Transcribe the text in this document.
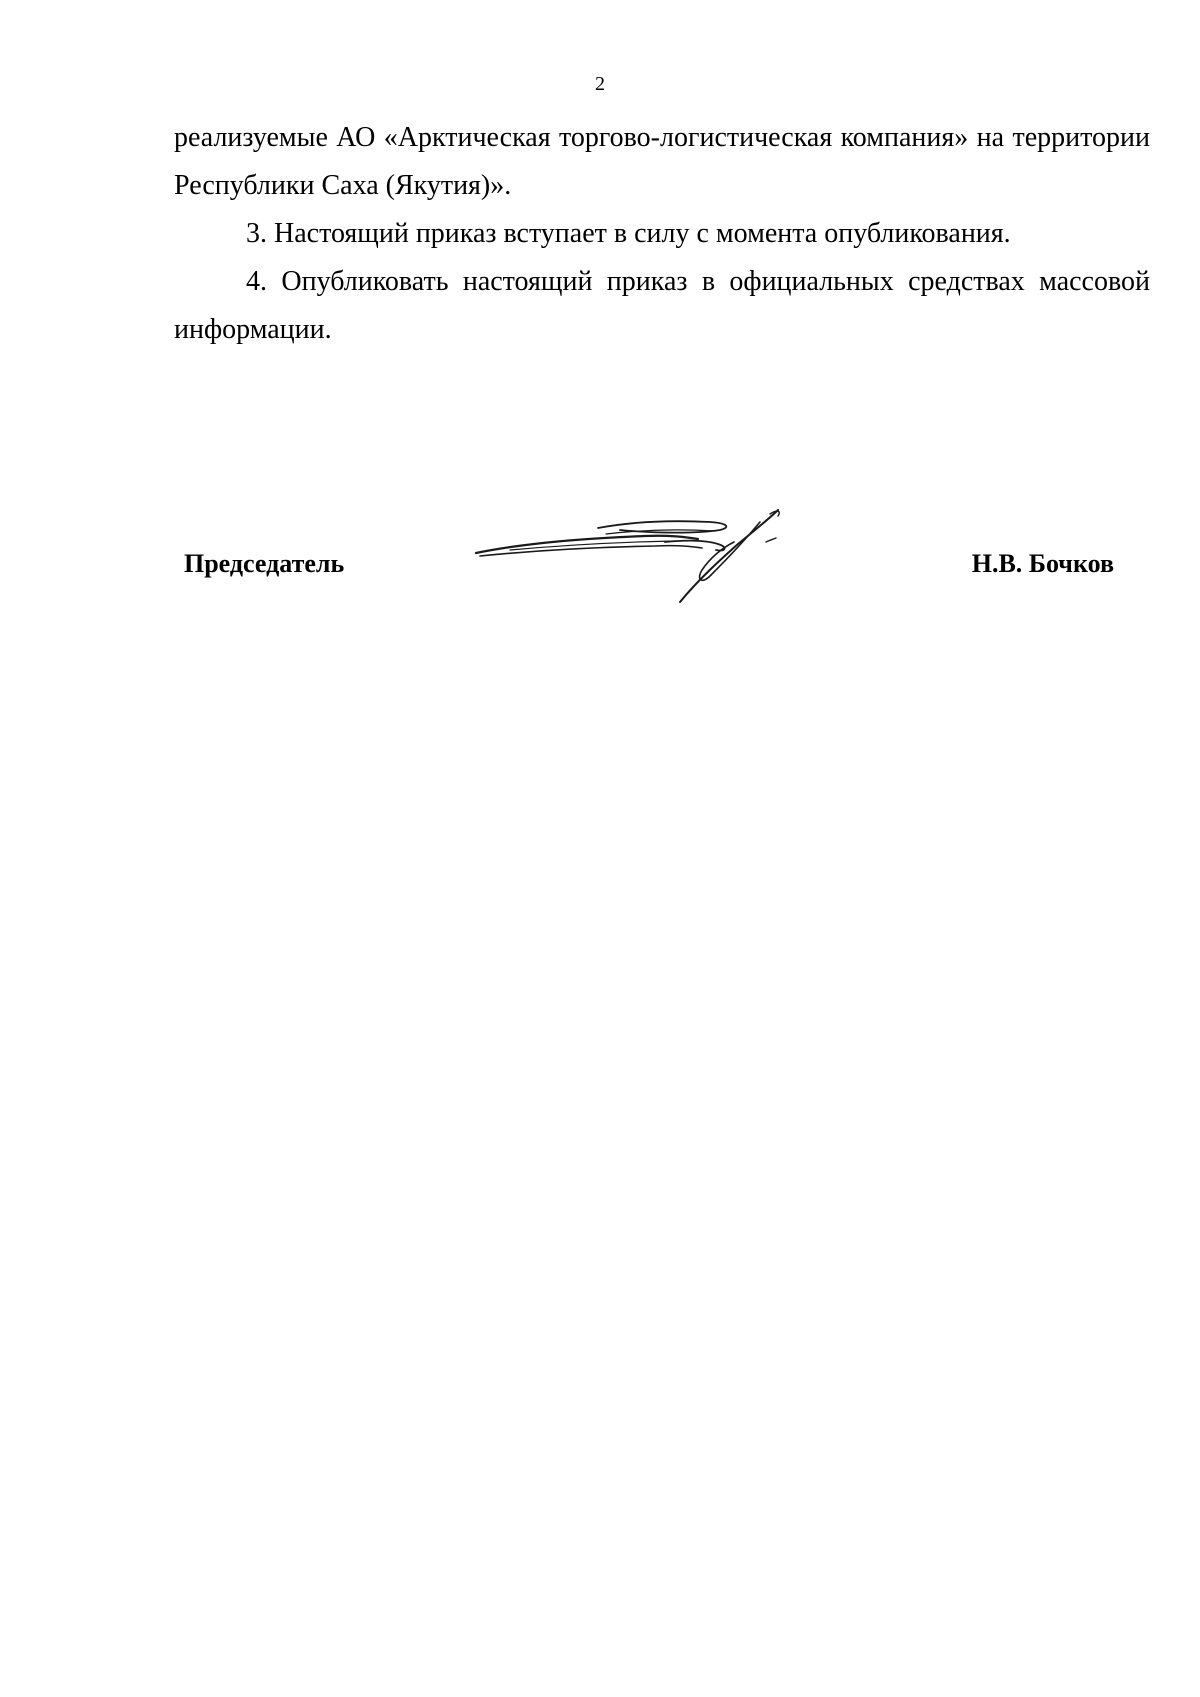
2

реализуемые АО «Арктическая торгово-логистическая компания» на территории Республики Саха (Якутия)».

3. Настоящий приказ вступает в силу с момента опубликования.

4. Опубликовать настоящий приказ в официальных средствах массовой информации.

Председатель	Н.В. Бочков
